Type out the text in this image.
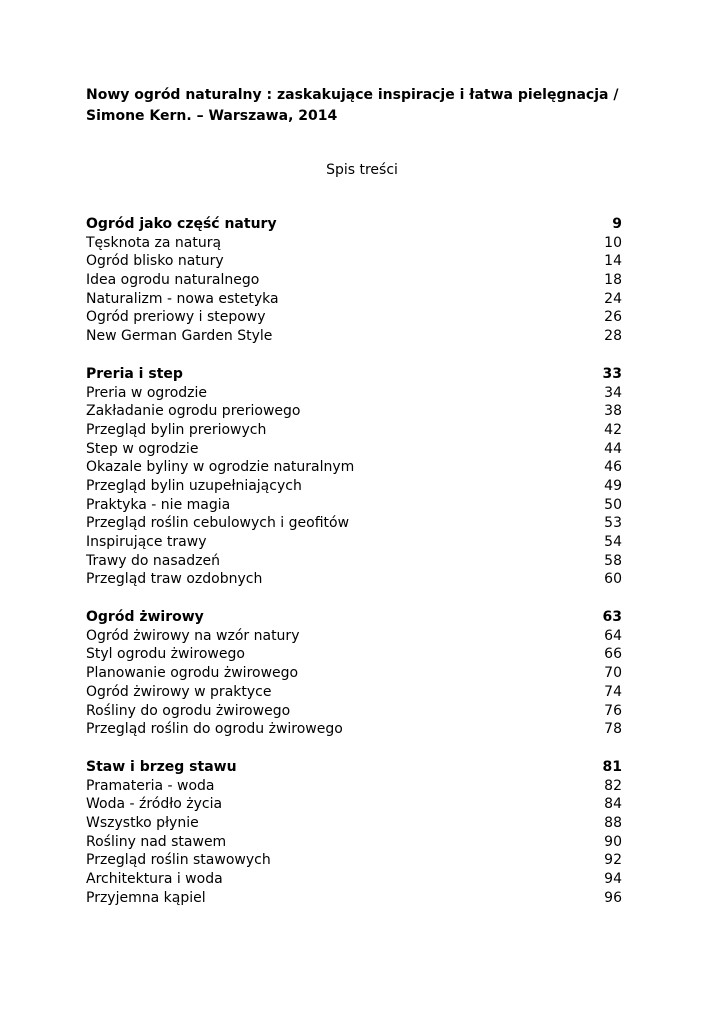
Nowy ogród naturalny : zaskakujące inspiracje i łatwa pielęgnacja /
Simone Kern. – Warszawa, 2014
Spis treści
Ogród jako część natury	9
Tęsknota za naturą	10
Ogród blisko natury	14
Idea ogrodu naturalnego	18
Naturalizm - nowa estetyka	24
Ogród preriowy i stepowy	26
New German Garden Style	28
Preria i step	33
Preria w ogrodzie	34
Zakładanie ogrodu preriowego	38
Przegląd bylin preriowych	42
Step w ogrodzie	44
Okazale byliny w ogrodzie naturalnym	46
Przegląd bylin uzupełniających	49
Praktyka - nie magia	50
Przegląd roślin cebulowych i geofitów	53
Inspirujące trawy	54
Trawy do nasadzeń	58
Przegląd traw ozdobnych	60
Ogród żwirowy	63
Ogród żwirowy na wzór natury	64
Styl ogrodu żwirowego	66
Planowanie ogrodu żwirowego	70
Ogród żwirowy w praktyce	74
Rośliny do ogrodu żwirowego	76
Przegląd roślin do ogrodu żwirowego	78
Staw i brzeg stawu	81
Pramateria - woda	82
Woda - źródło życia	84
Wszystko płynie	88
Rośliny nad stawem	90
Przegląd roślin stawowych	92
Architektura i woda	94
Przyjemna kąpiel	96
